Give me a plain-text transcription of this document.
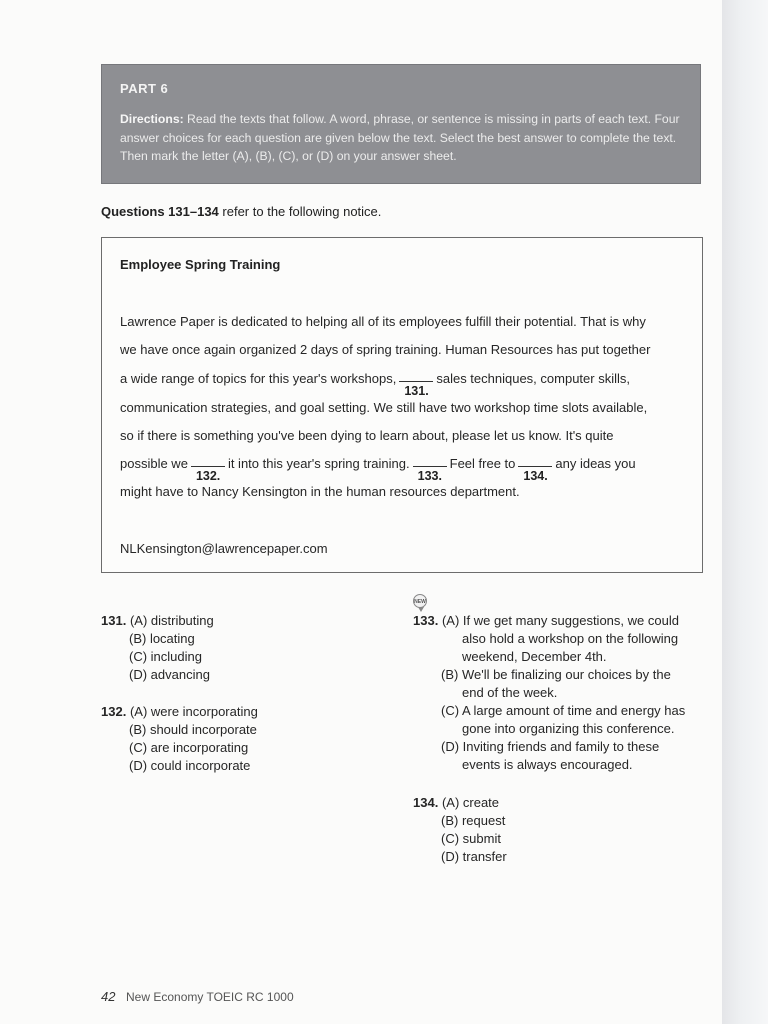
PART 6
Directions: Read the texts that follow. A word, phrase, or sentence is missing in parts of each text. Four answer choices for each question are given below the text. Select the best answer to complete the text. Then mark the letter (A), (B), (C), or (D) on your answer sheet.
Questions 131–134 refer to the following notice.
Employee Spring Training
Lawrence Paper is dedicated to helping all of its employees fulfill their potential. That is why
we have once again organized 2 days of spring training. Human Resources has put together
a wide range of topics for this year's workshops,
131.
sales techniques, computer skills,
communication strategies, and goal setting. We still have two workshop time slots available,
so if there is something you've been dying to learn about, please let us know. It's quite
possible we
132.
it into this year's spring training.
133.
Feel free to
134.
any ideas you
might have to Nancy Kensington in the human resources department.
NLKensington@lawrencepaper.com
131. (A) distributing
(B) locating
(C) including
(D) advancing
132. (A) were incorporating
(B) should incorporate
(C) are incorporating
(D) could incorporate
NEW
133. (A) If we get many suggestions, we could
also hold a workshop on the following
weekend, December 4th.
(B) We'll be finalizing our choices by the
end of the week.
(C) A large amount of time and energy has
gone into organizing this conference.
(D) Inviting friends and family to these
events is always encouraged.
134. (A) create
(B) request
(C) submit
(D) transfer
42 New Economy TOEIC RC 1000
